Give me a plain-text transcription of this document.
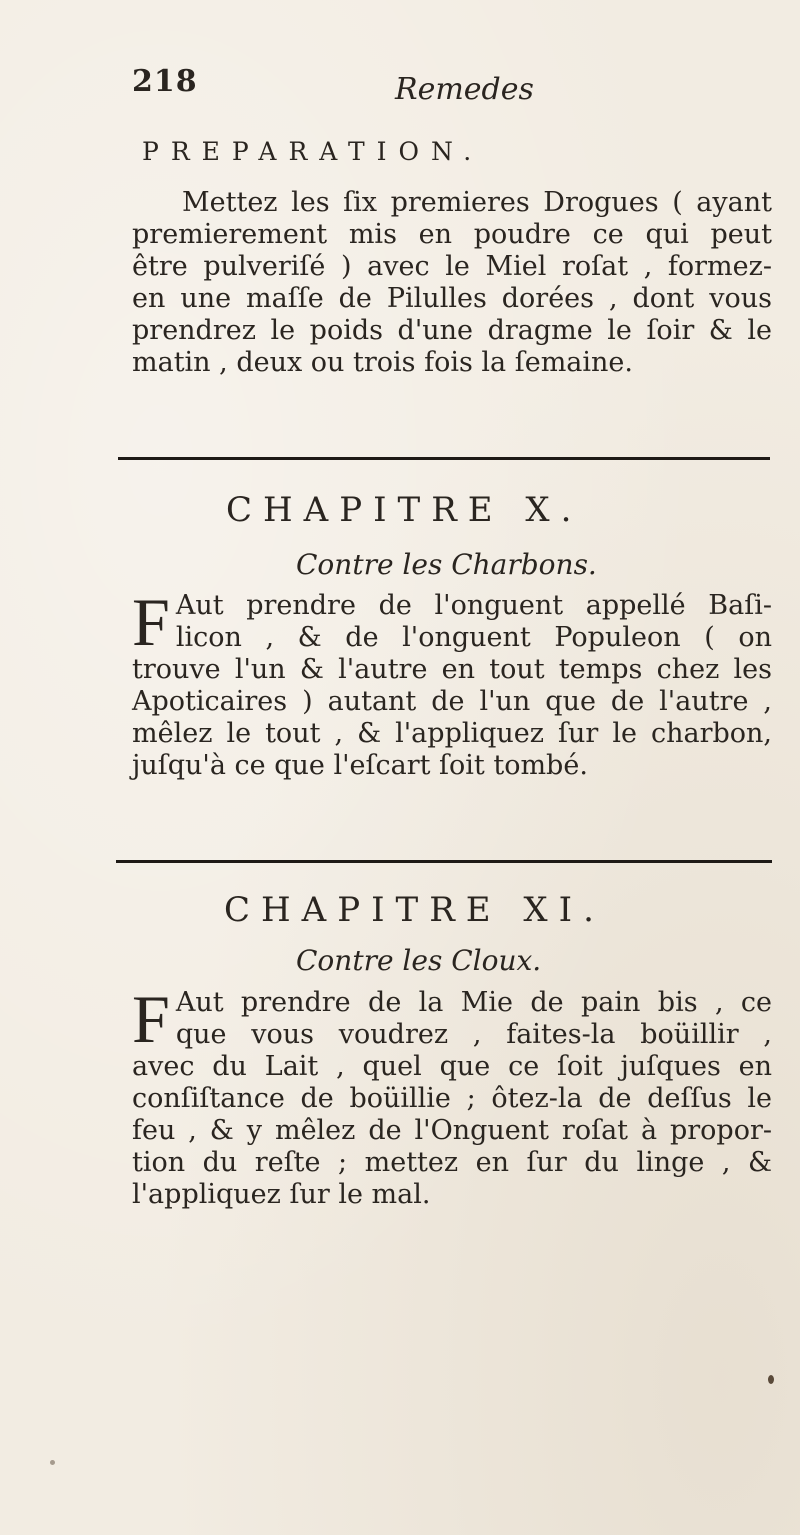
218	Remedes
PREPARATION.
Mettez les ſix premieres Drogues ( ayant
premierement mis en poudre ce qui peut
être pulveriſé ) avec le Miel roſat , formez-
en une maſſe de Pilulles dorées , dont vous
prendrez le poids d'une dragme le ſoir & le
matin , deux ou trois fois la ſemaine.
CHAPITRE X.
Contre les Charbons.
F Aut prendre de l'onguent appellé Baſi-
licon , & de l'onguent Populeon ( on
trouve l'un & l'autre en tout temps chez les
Apoticaires ) autant de l'un que de l'autre ,
mêlez le tout , & l'appliquez ſur le charbon,
juſqu'à ce que l'eſcart ſoit tombé.
CHAPITRE XI.
Contre les Cloux.
F Aut prendre de la Mie de pain bis , ce
que vous voudrez , faites-la boüillir ,
avec du Lait , quel que ce ſoit juſques en
conſiſtance de boüillie ; ôtez-la de deſſus le
feu , & y mêlez de l'Onguent roſat à propor-
tion du reſte ; mettez en ſur du linge , &
l'appliquez ſur le mal.
